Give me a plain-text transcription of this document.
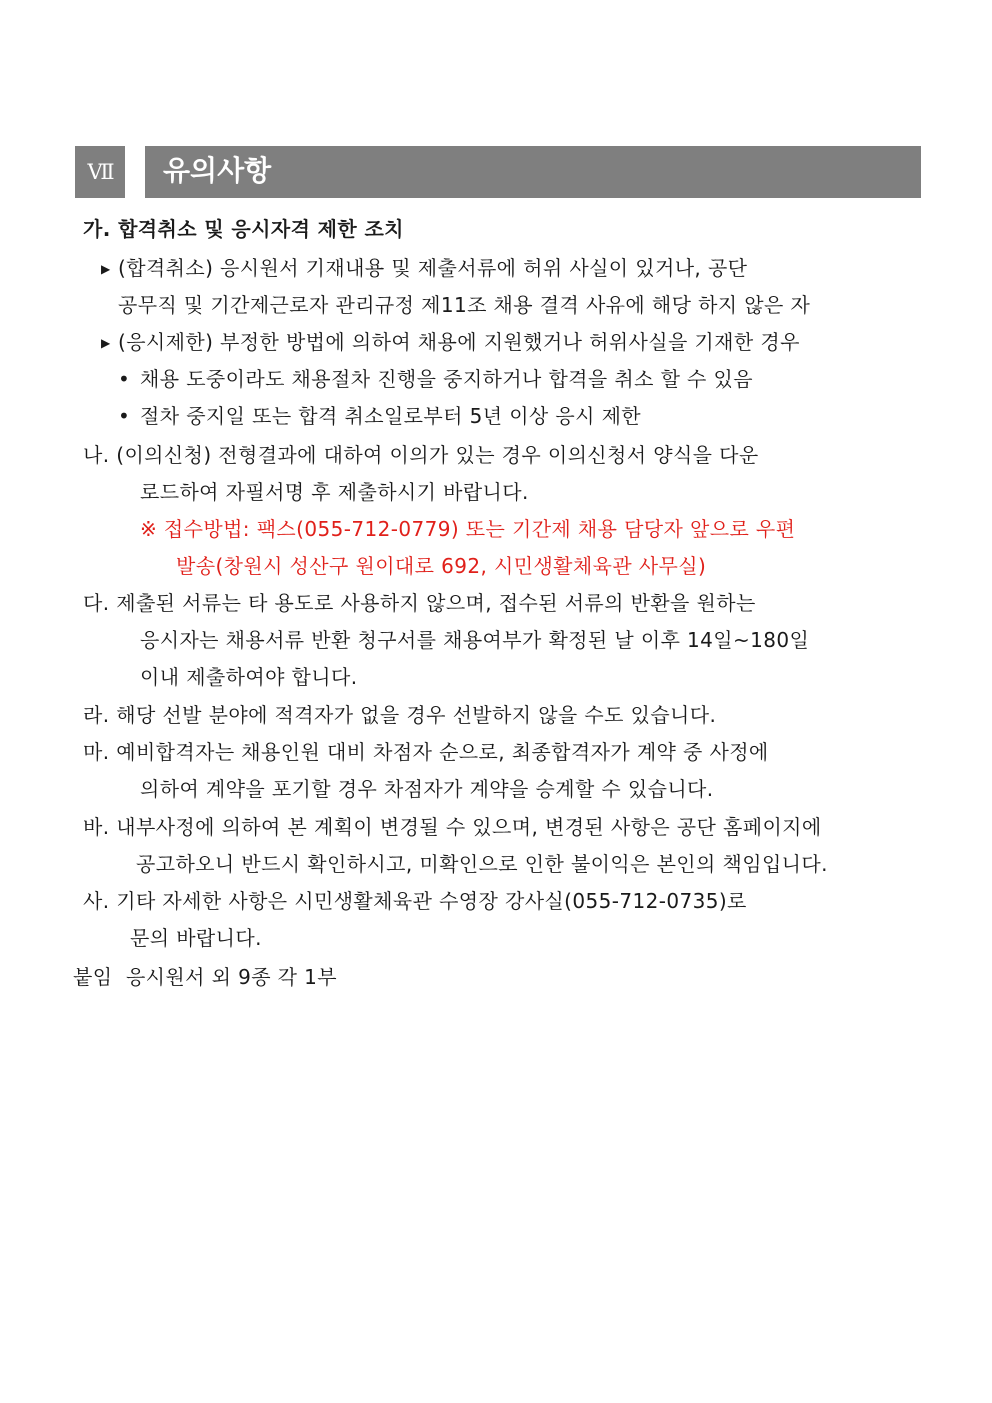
Ⅶ	유의사항
가. 합격취소 및 응시자격 제한 조치
▶ (합격취소) 응시원서 기재내용 및 제출서류에 허위 사실이 있거나, 공단
공무직 및 기간제근로자 관리규정 제11조 채용 결격 사유에 해당 하지 않은 자
▶ (응시제한) 부정한 방법에 의하여 채용에 지원했거나 허위사실을 기재한 경우
• 채용 도중이라도 채용절차 진행을 중지하거나 합격을 취소 할 수 있음
• 절차 중지일 또는 합격 취소일로부터 5년 이상 응시 제한
나. (이의신청) 전형결과에 대하여 이의가 있는 경우 이의신청서 양식을 다운
로드하여 자필서명 후 제출하시기 바랍니다.
※ 접수방법: 팩스(055-712-0779) 또는 기간제 채용 담당자 앞으로 우편
발송(창원시 성산구 원이대로 692, 시민생활체육관 사무실)
다. 제출된 서류는 타 용도로 사용하지 않으며, 접수된 서류의 반환을 원하는
응시자는 채용서류 반환 청구서를 채용여부가 확정된 날 이후 14일~180일
이내 제출하여야 합니다.
라. 해당 선발 분야에 적격자가 없을 경우 선발하지 않을 수도 있습니다.
마. 예비합격자는 채용인원 대비 차점자 순으로, 최종합격자가 계약 중 사정에
의하여 계약을 포기할 경우 차점자가 계약을 승계할 수 있습니다.
바. 내부사정에 의하여 본 계획이 변경될 수 있으며, 변경된 사항은 공단 홈페이지에
공고하오니 반드시 확인하시고, 미확인으로 인한 불이익은 본인의 책임입니다.
사. 기타 자세한 사항은 시민생활체육관 수영장 강사실(055-712-0735)로
문의 바랍니다.
붙임  응시원서 외 9종 각 1부
